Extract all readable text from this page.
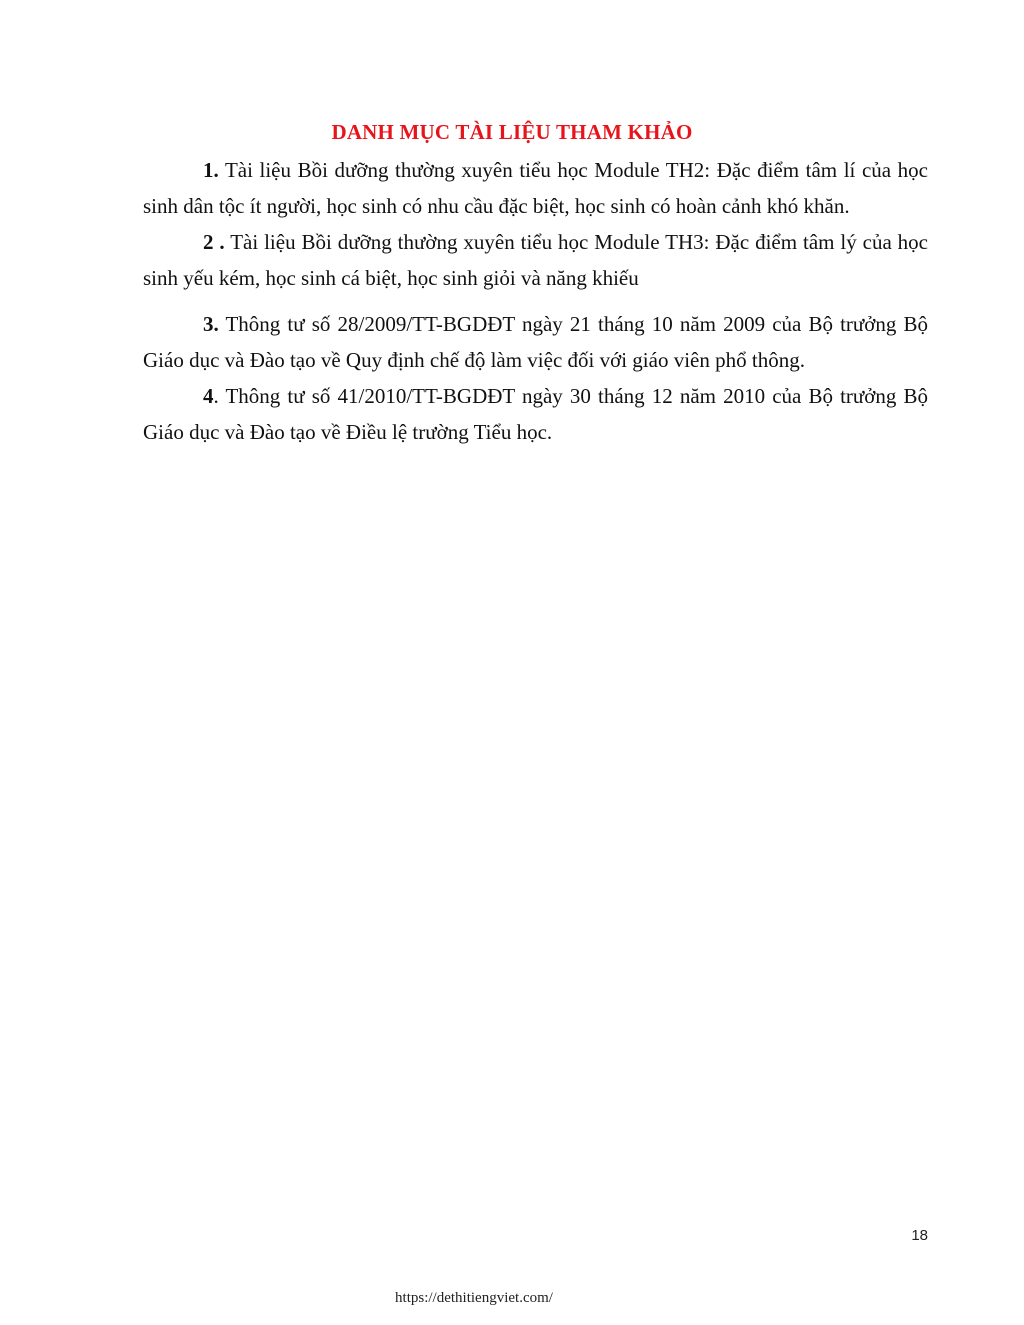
DANH MỤC TÀI LIỆU THAM KHẢO

1. Tài liệu Bồi dưỡng thường xuyên tiểu học Module TH2: Đặc điểm tâm lí của học sinh dân tộc ít người, học sinh có nhu cầu đặc biệt, học sinh có hoàn cảnh khó khăn.

2 . Tài liệu Bồi dưỡng thường xuyên tiểu học Module TH3: Đặc điểm tâm lý của học sinh yếu kém, học sinh cá biệt, học sinh giỏi và năng khiếu

3. Thông tư số 28/2009/TT-BGDĐT ngày 21 tháng 10 năm 2009 của Bộ trưởng Bộ Giáo dục và Đào tạo về Quy định chế độ làm việc đối với giáo viên phổ thông.

4. Thông tư số 41/2010/TT-BGDĐT ngày 30 tháng 12 năm 2010 của Bộ trưởng Bộ Giáo dục và Đào tạo về Điều lệ trường Tiểu học.

18
https://dethitiengviet.com/
